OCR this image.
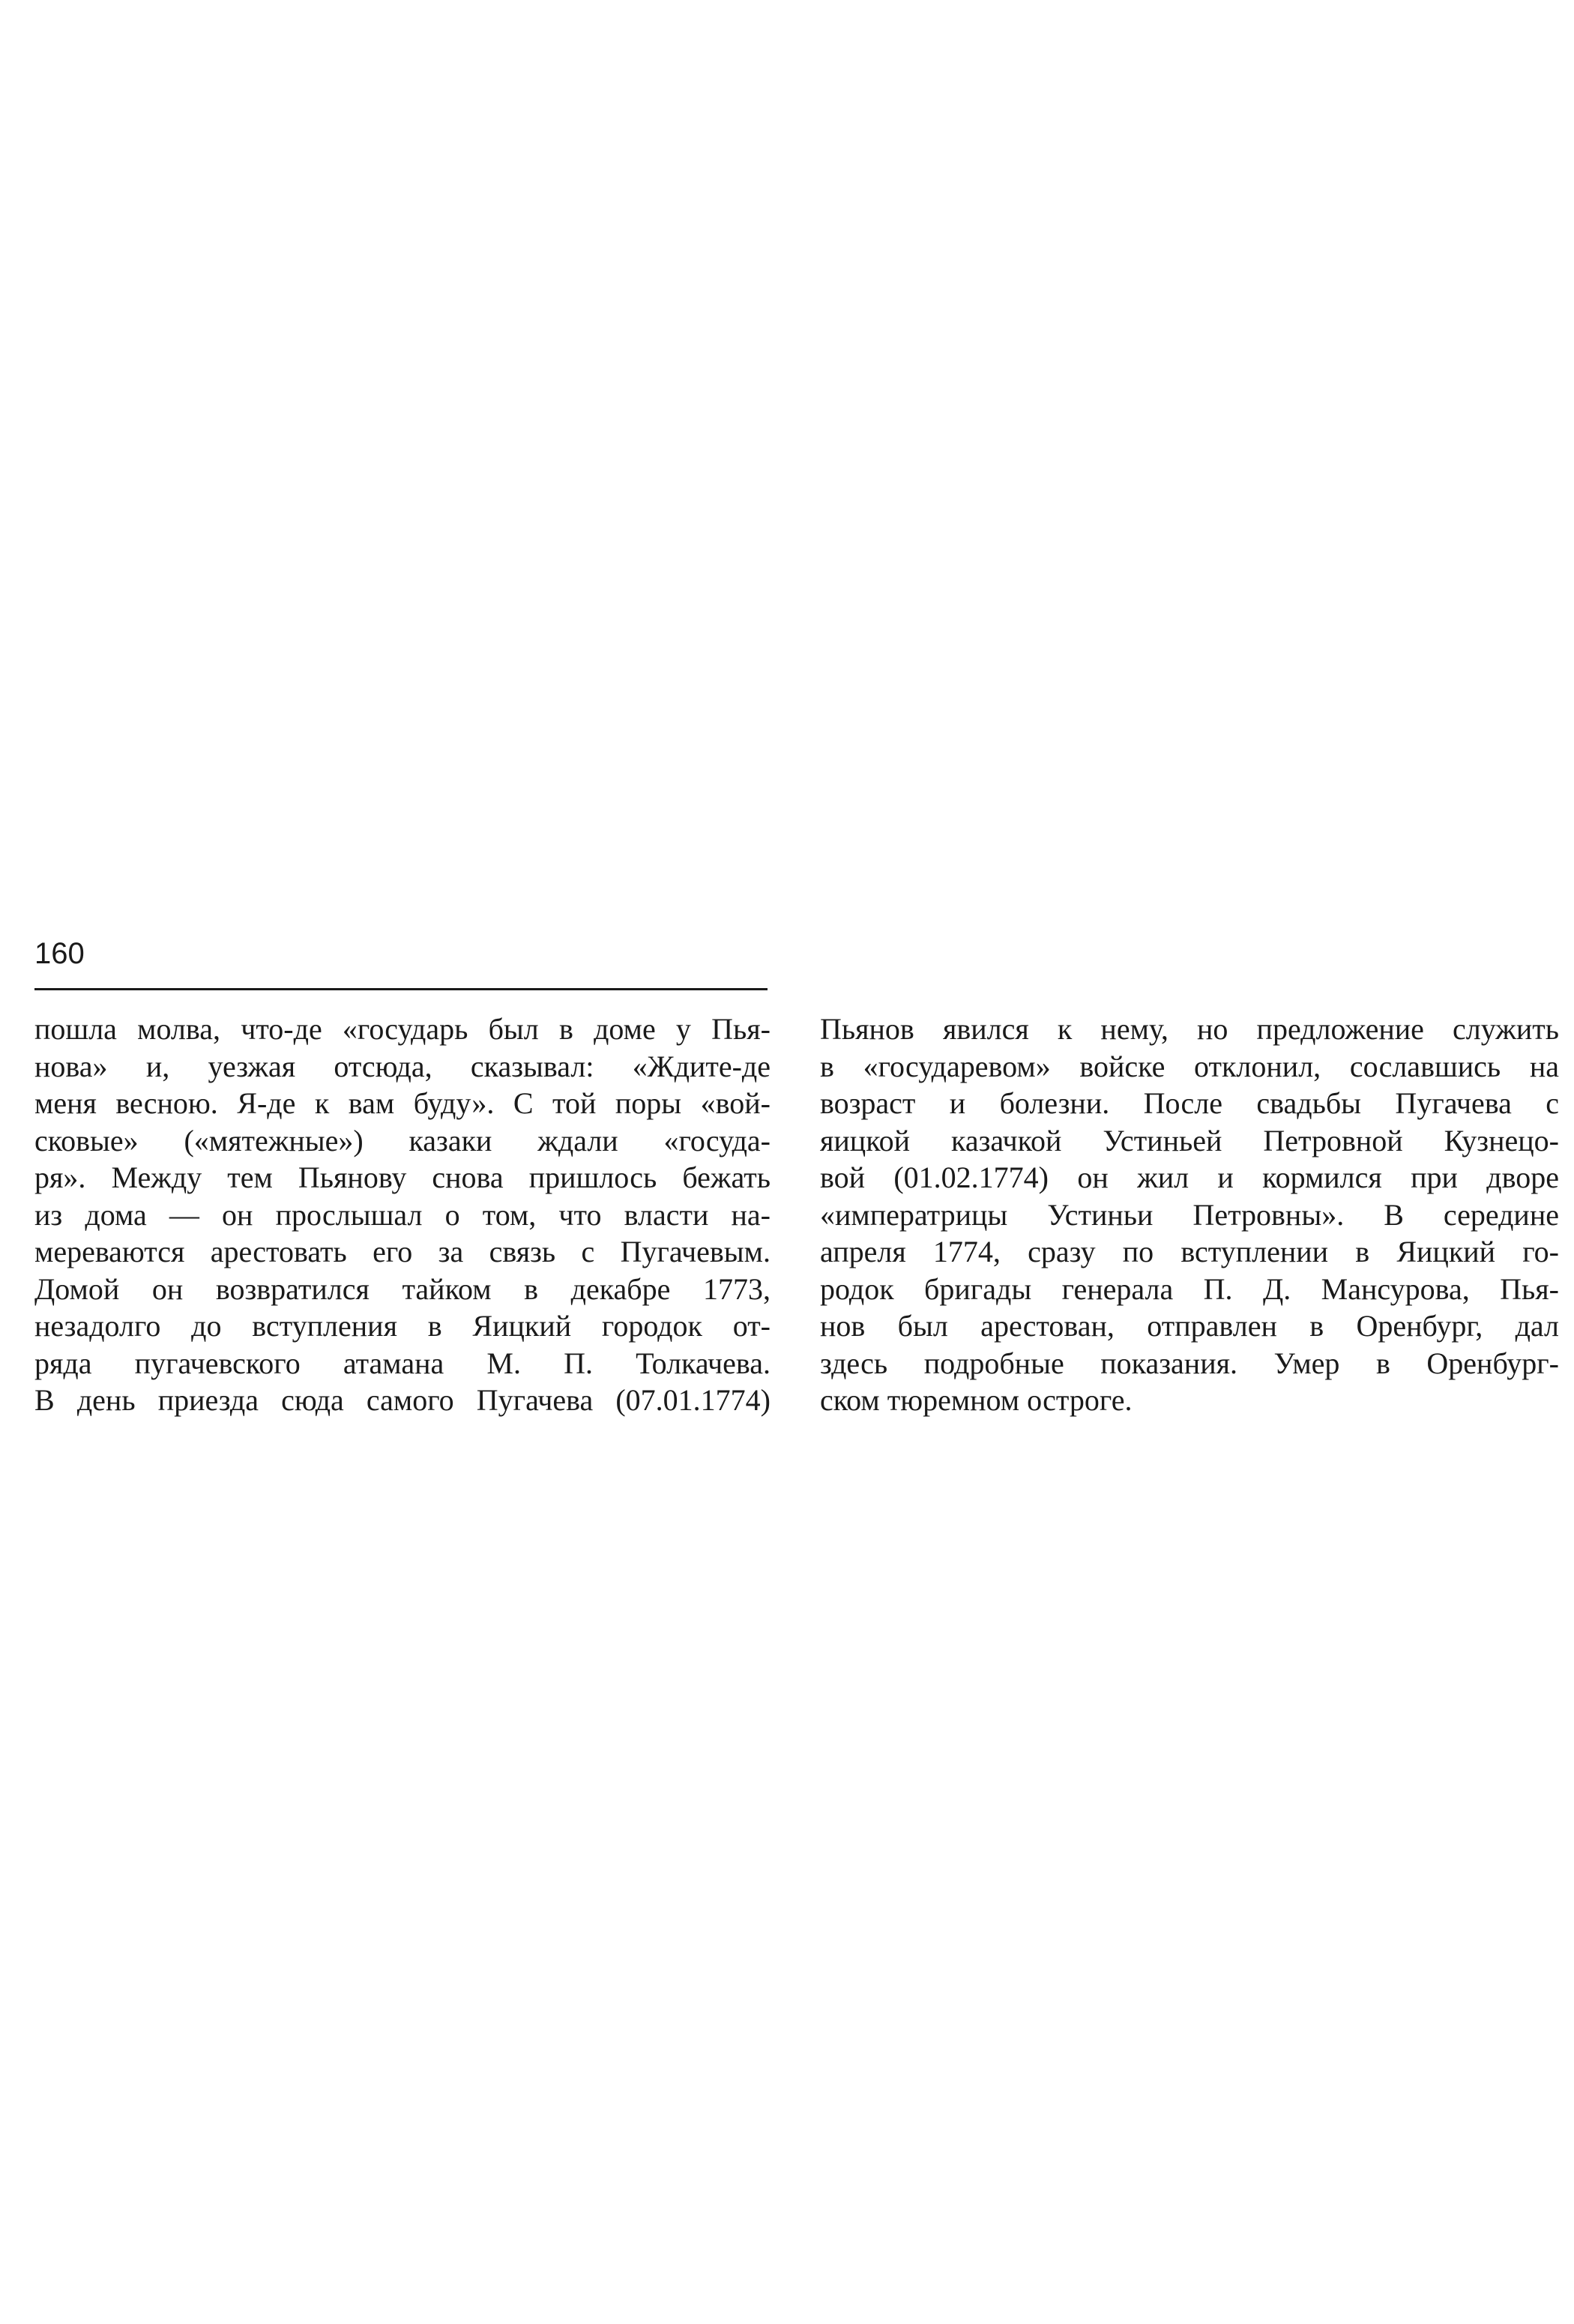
160
пошла молва, что-де «государь был в доме у Пья-
нова» и, уезжая отсюда, сказывал: «Ждите-де
меня весною. Я-де к вам буду». С той поры «вой-
сковые» («мятежные») казаки ждали «госуда-
ря». Между тем Пьянову снова пришлось бежать
из дома — он прослышал о том, что власти на-
мереваются арестовать его за связь с Пугачевым.
Домой он возвратился тайком в декабре 1773,
незадолго до вступления в Яицкий городок от-
ряда пугачевского атамана М. П. Толкачева.
В день приезда сюда самого Пугачева (07.01.1774)
Пьянов явился к нему, но предложение служить
в «государевом» войске отклонил, сославшись на
возраст и болезни. После свадьбы Пугачева с
яицкой казачкой Устиньей Петровной Кузнецо-
вой (01.02.1774) он жил и кормился при дворе
«императрицы Устиньи Петровны». В середине
апреля 1774, сразу по вступлении в Яицкий го-
родок бригады генерала П. Д. Мансурова, Пья-
нов был арестован, отправлен в Оренбург, дал
здесь подробные показания. Умер в Оренбург-
ском тюремном остроге.
